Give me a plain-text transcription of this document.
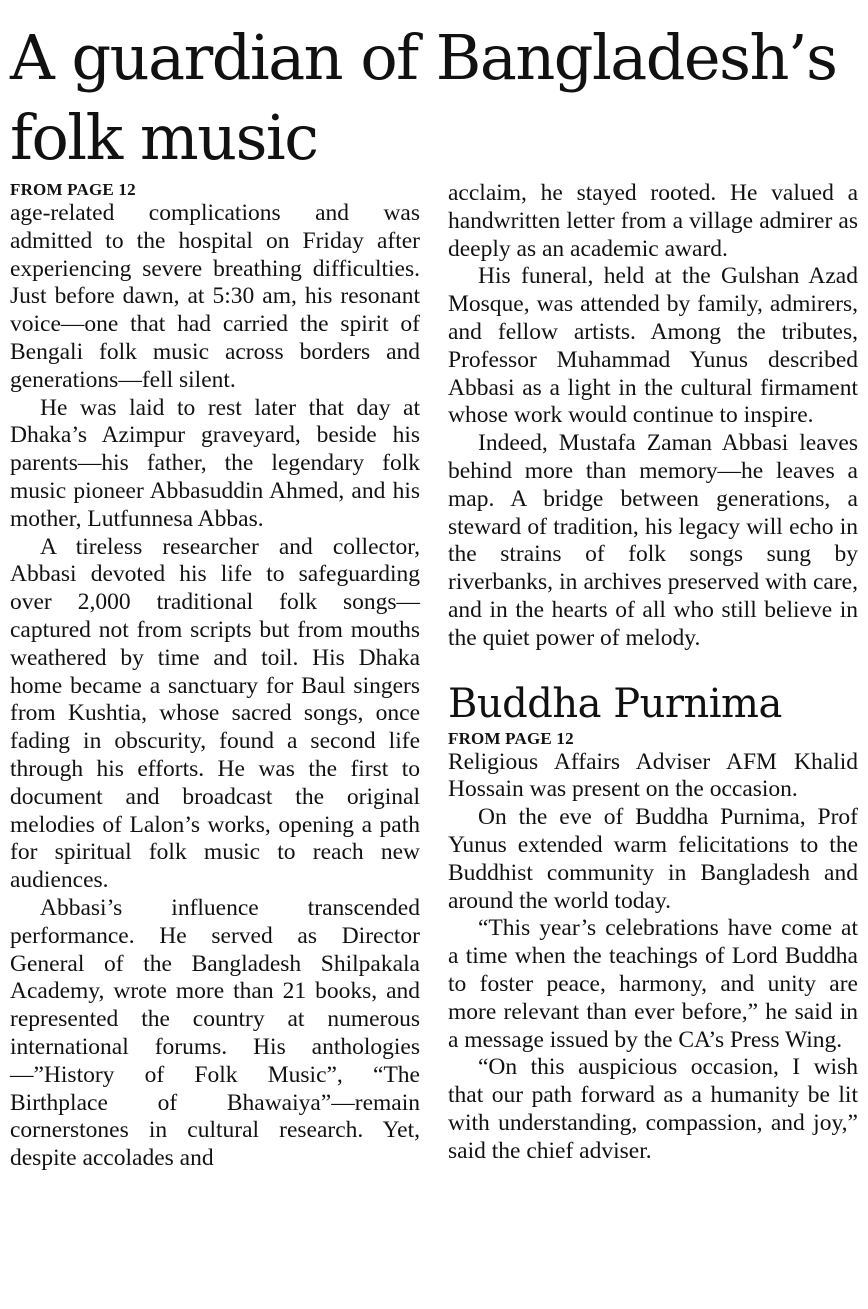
A guardian of Bangladesh’s folk music
FROM PAGE 12

age-related complications and was admitted to the hospital on Friday after experiencing severe breathing difficulties. Just before dawn, at 5:30 am, his resonant voice—one that had carried the spirit of Bengali folk music across borders and generations—fell silent.

He was laid to rest later that day at Dhaka’s Azimpur graveyard, beside his parents—his father, the legendary folk music pioneer Abbasuddin Ahmed, and his mother, Lutfunnesa Abbas.

A tireless researcher and collector, Abbasi devoted his life to safeguarding over 2,000 traditional folk songs—captured not from scripts but from mouths weathered by time and toil. His Dhaka home became a sanctuary for Baul singers from Kushtia, whose sacred songs, once fading in obscurity, found a second life through his efforts. He was the first to document and broadcast the original melodies of Lalon’s works, opening a path for spiritual folk music to reach new audiences.

Abbasi’s influence transcended performance. He served as Director General of the Bangladesh Shilpakala Academy, wrote more than 21 books, and represented the country at numerous international forums. His anthologies—”History of Folk Music”, “The Birthplace of Bhawaiya”—remain cornerstones in cultural research. Yet, despite accolades and

acclaim, he stayed rooted. He valued a handwritten letter from a village admirer as deeply as an academic award.

His funeral, held at the Gulshan Azad Mosque, was attended by family, admirers, and fellow artists. Among the tributes, Professor Muhammad Yunus described Abbasi as a light in the cultural firmament whose work would continue to inspire.

Indeed, Mustafa Zaman Abbasi leaves behind more than memory—he leaves a map. A bridge between generations, a steward of tradition, his legacy will echo in the strains of folk songs sung by riverbanks, in archives preserved with care, and in the hearts of all who still believe in the quiet power of melody.

Buddha Purnima
FROM PAGE 12

Religious Affairs Adviser AFM Khalid Hossain was present on the occasion.

On the eve of Buddha Purnima, Prof Yunus extended warm felicitations to the Buddhist community in Bangladesh and around the world today.

“This year’s celebrations have come at a time when the teachings of Lord Buddha to foster peace, harmony, and unity are more relevant than ever before,” he said in a message issued by the CA’s Press Wing.

“On this auspicious occasion, I wish that our path forward as a humanity be lit with understanding, compassion, and joy,” said the chief adviser.
